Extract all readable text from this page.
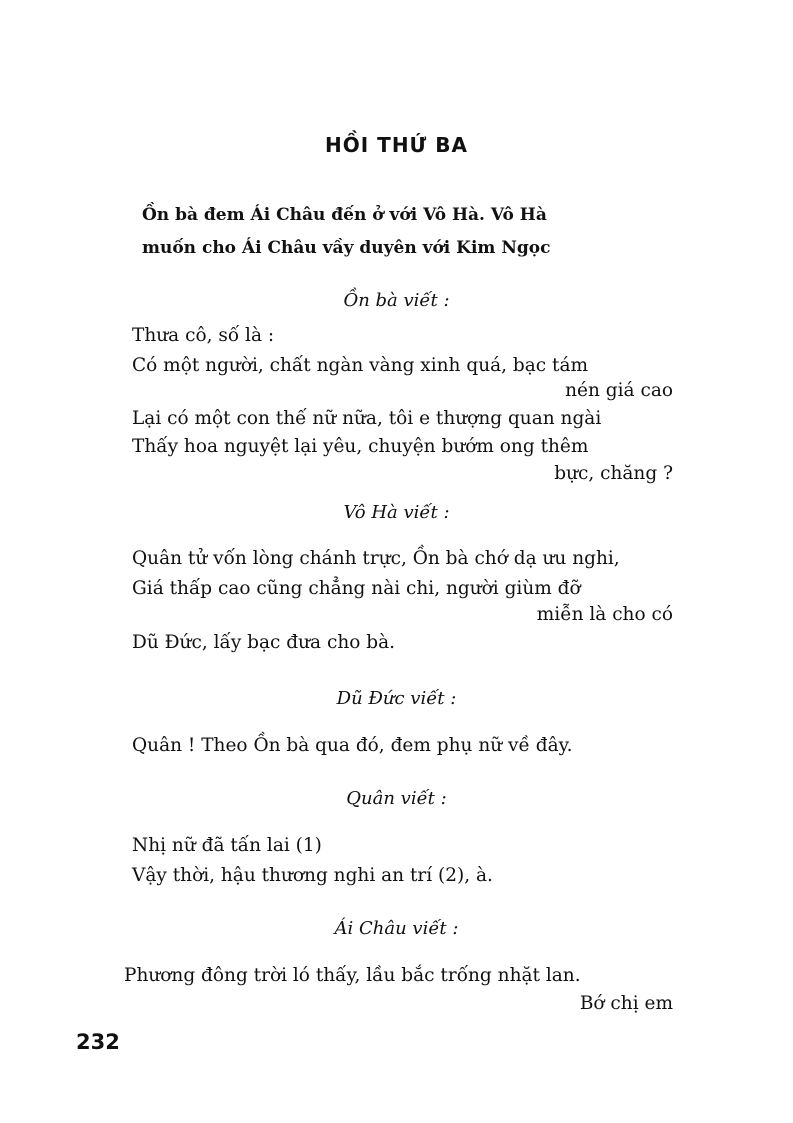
HỒI THỨ BA
Ồn bà đem Ái Châu đến ở với Vô Hà. Vô Hà
muốn cho Ái Châu vầy duyên với Kim Ngọc
Ồn bà viết :
Thưa cô, số là :
Có một người, chất ngàn vàng xinh quá, bạc tám
nén giá cao
Lại có một con thế nữ nữa, tôi e thượng quan ngài
Thấy hoa nguyệt lại yêu, chuyện bướm ong thêm
bực, chăng ?
Vô Hà viết :
Quân tử vốn lòng chánh trực, Ồn bà chớ dạ ưu nghi,
Giá thấp cao cũng chẳng nài chi, người giùm đỡ
miễn là cho có
Dũ Đức, lấy bạc đưa cho bà.
Dũ Đức viết :
Quân ! Theo Ồn bà qua đó, đem phụ nữ về đây.
Quân viết :
Nhị nữ đã tấn lai (1)
Vậy thời, hậu thương nghi an trí (2), à.
Ái Châu viết :
Phương đông trời ló thấy, lầu bắc trống nhặt lan.
Bớ chị em
232
